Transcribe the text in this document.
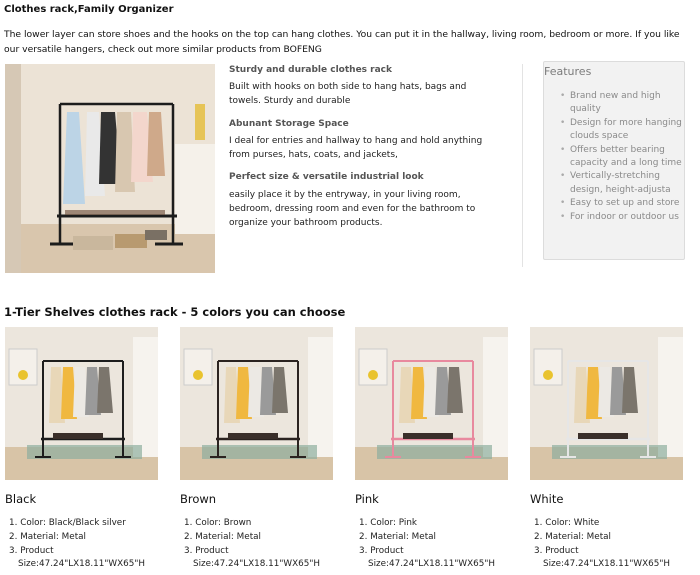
Clothes rack,Family Organizer
The lower layer can store shoes and the hooks on the top can hang clothes. You can put it in the hallway, living room, bedroom or more. If you like our versatile hangers, check out more similar products from BOFENG
Sturdy and durable clothes rack
Built with hooks on both side to hang hats, bags and towels. Sturdy and durable
Abunant Storage Space
I deal for entries and hallway to hang and hold anything from purses, hats, coats, and jackets,
Perfect size & versatile industrial look
easily place it by the entryway, in your living room, bedroom, dressing room and even for the bathroom to organize your bathroom products.
Features
• Brand new and high quality
• Design for more hanging clouds space
• Offers better bearing capacity and a long time
• Vertically-stretching design, height-adjusta
• Easy to set up and store
• For indoor or outdoor us
1-Tier Shelves clothes rack - 5 colors you can choose
Black
1. Color: Black/Black silver
2. Material: Metal
3. Product
Size:47.24"LX18.11"WX65"H
Brown
1. Color: Brown
2. Material: Metal
3. Product
Size:47.24"LX18.11"WX65"H
Pink
1. Color: Pink
2. Material: Metal
3. Product
Size:47.24"LX18.11"WX65"H
White
1. Color: White
2. Material: Metal
3. Product
Size:47.24"LX18.11"WX65"H
